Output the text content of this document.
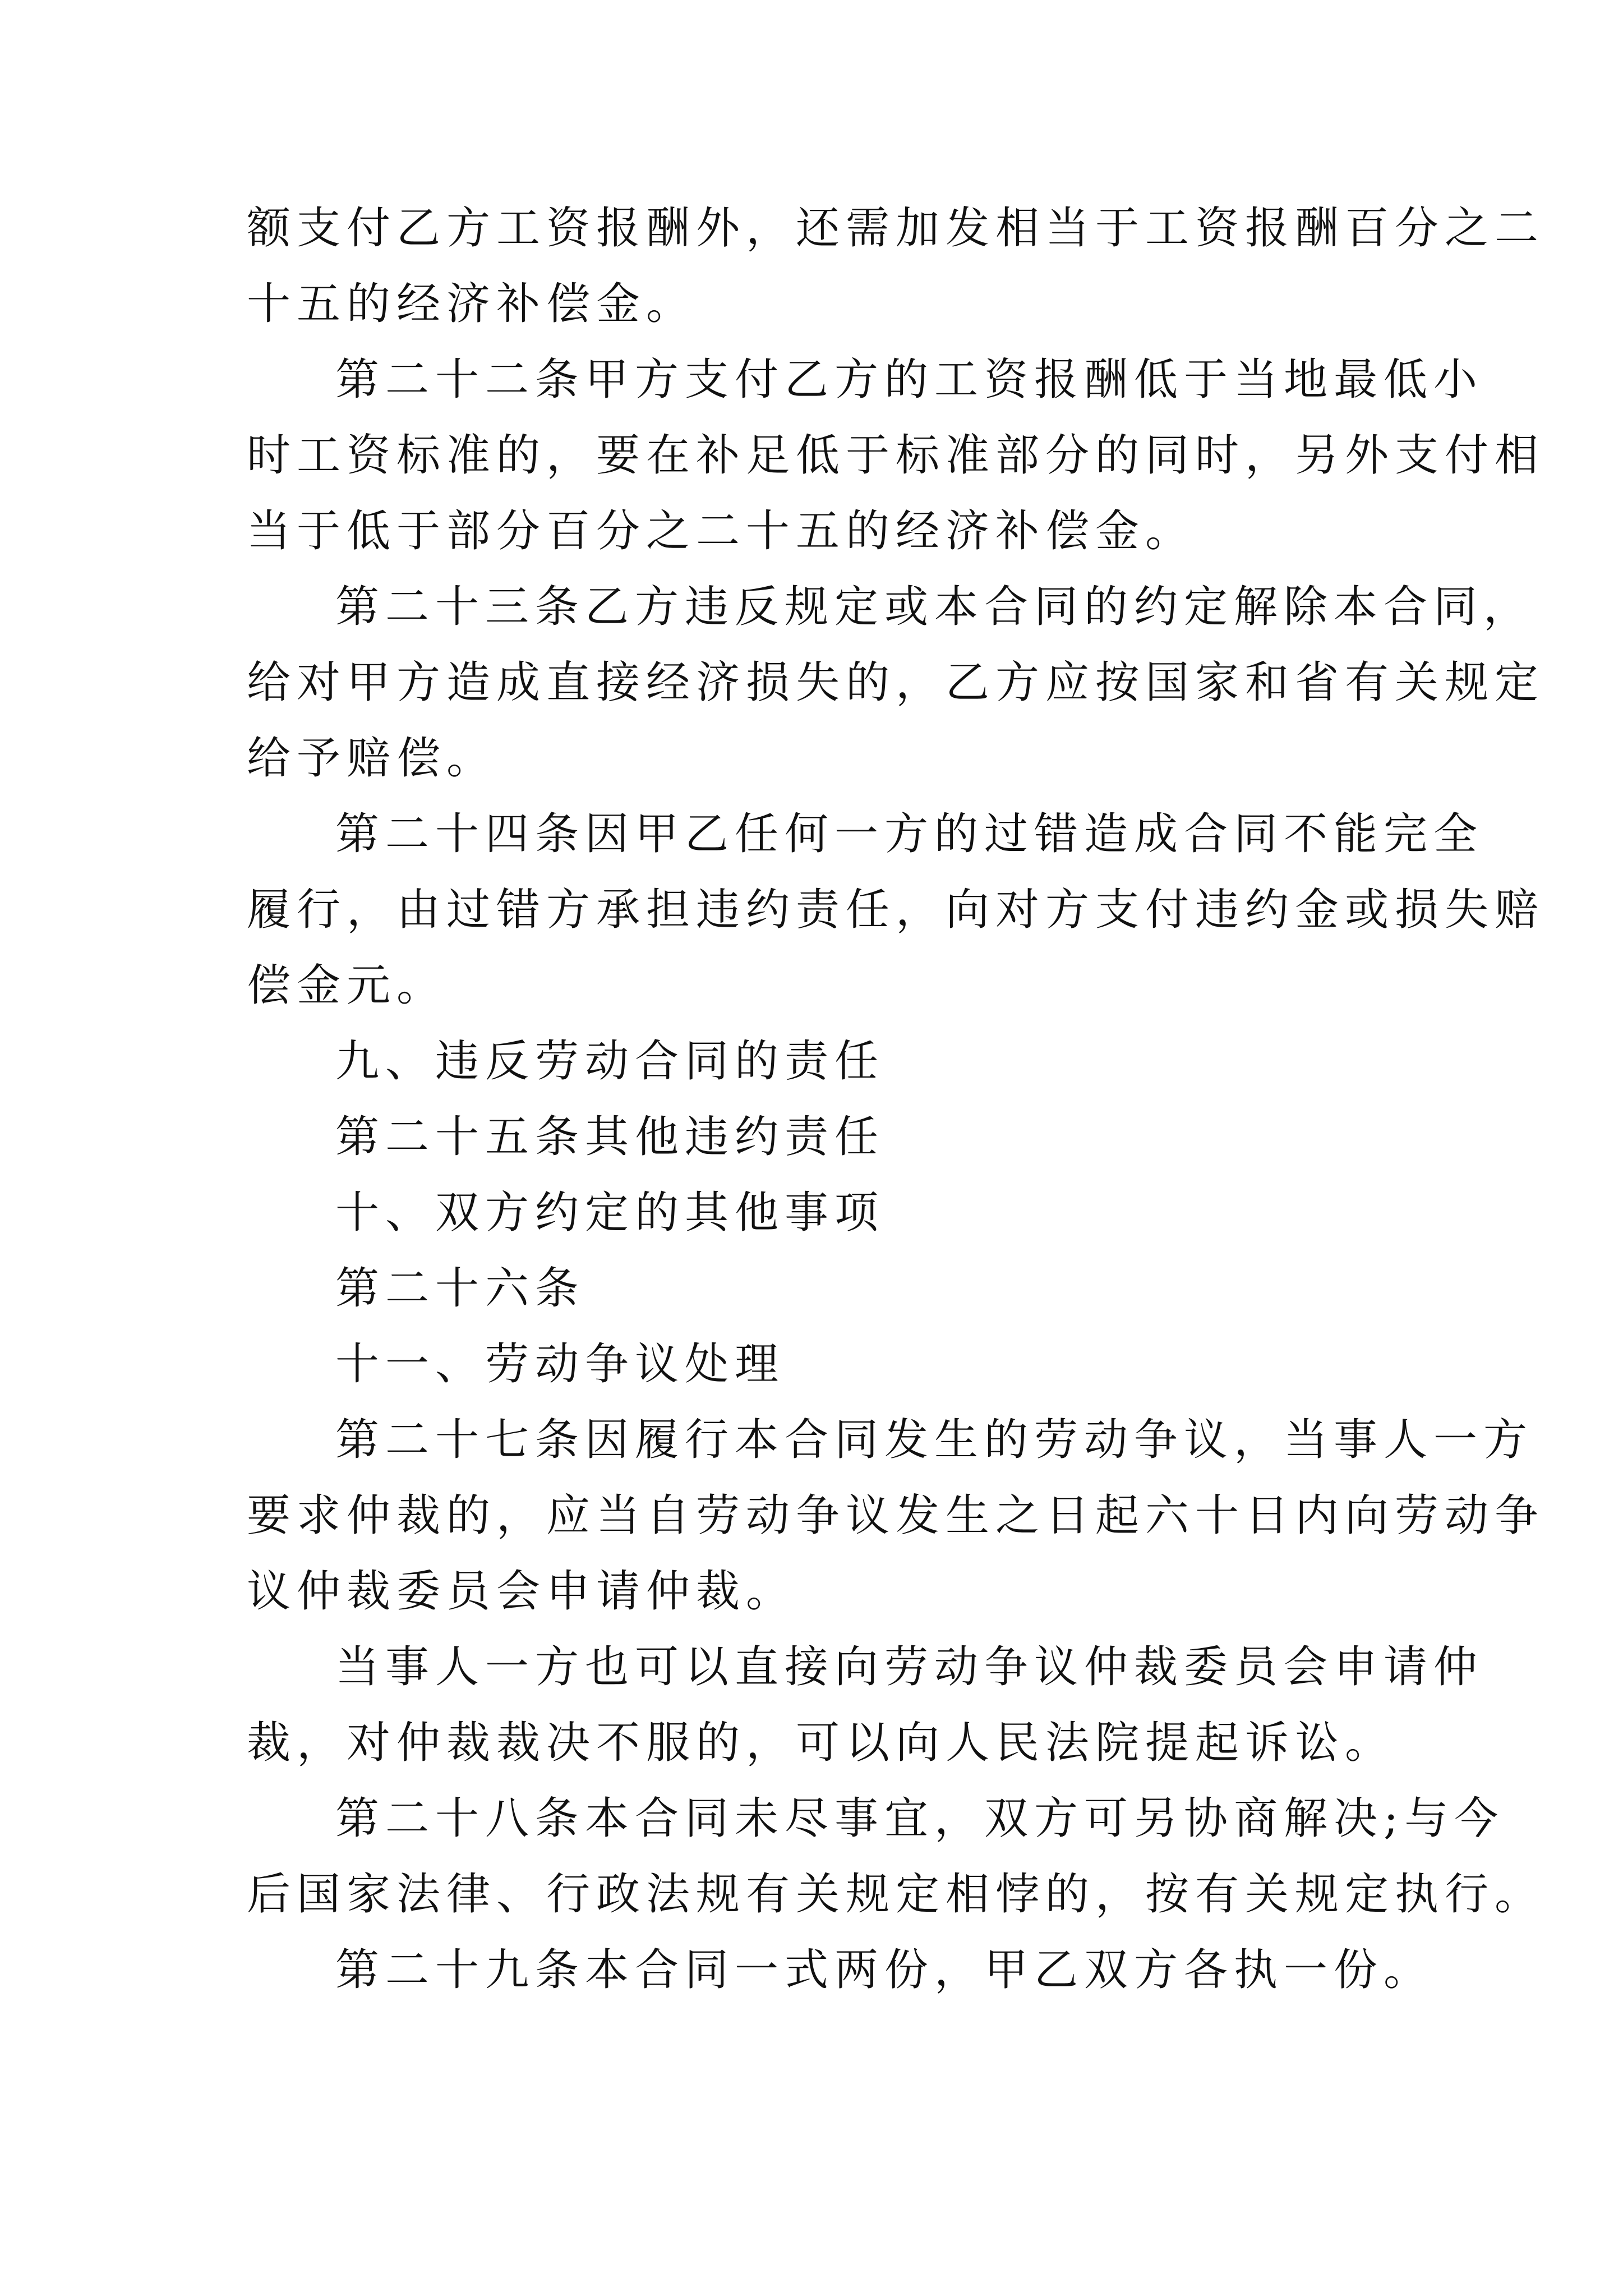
额支付乙方工资报酬外，还需加发相当于工资报酬百分之二
十五的经济补偿金。
第二十二条甲方支付乙方的工资报酬低于当地最低小
时工资标准的，要在补足低于标准部分的同时，另外支付相
当于低于部分百分之二十五的经济补偿金。
第二十三条乙方违反规定或本合同的约定解除本合同，
给对甲方造成直接经济损失的，乙方应按国家和省有关规定
给予赔偿。
第二十四条因甲乙任何一方的过错造成合同不能完全
履行，由过错方承担违约责任，向对方支付违约金或损失赔
偿金元。
九、违反劳动合同的责任
第二十五条其他违约责任
十、双方约定的其他事项
第二十六条
十一、劳动争议处理
第二十七条因履行本合同发生的劳动争议，当事人一方
要求仲裁的，应当自劳动争议发生之日起六十日内向劳动争
议仲裁委员会申请仲裁。
当事人一方也可以直接向劳动争议仲裁委员会申请仲
裁，对仲裁裁决不服的，可以向人民法院提起诉讼。
第二十八条本合同未尽事宜，双方可另协商解决;与今
后国家法律、行政法规有关规定相悖的，按有关规定执行。
第二十九条本合同一式两份，甲乙双方各执一份。
